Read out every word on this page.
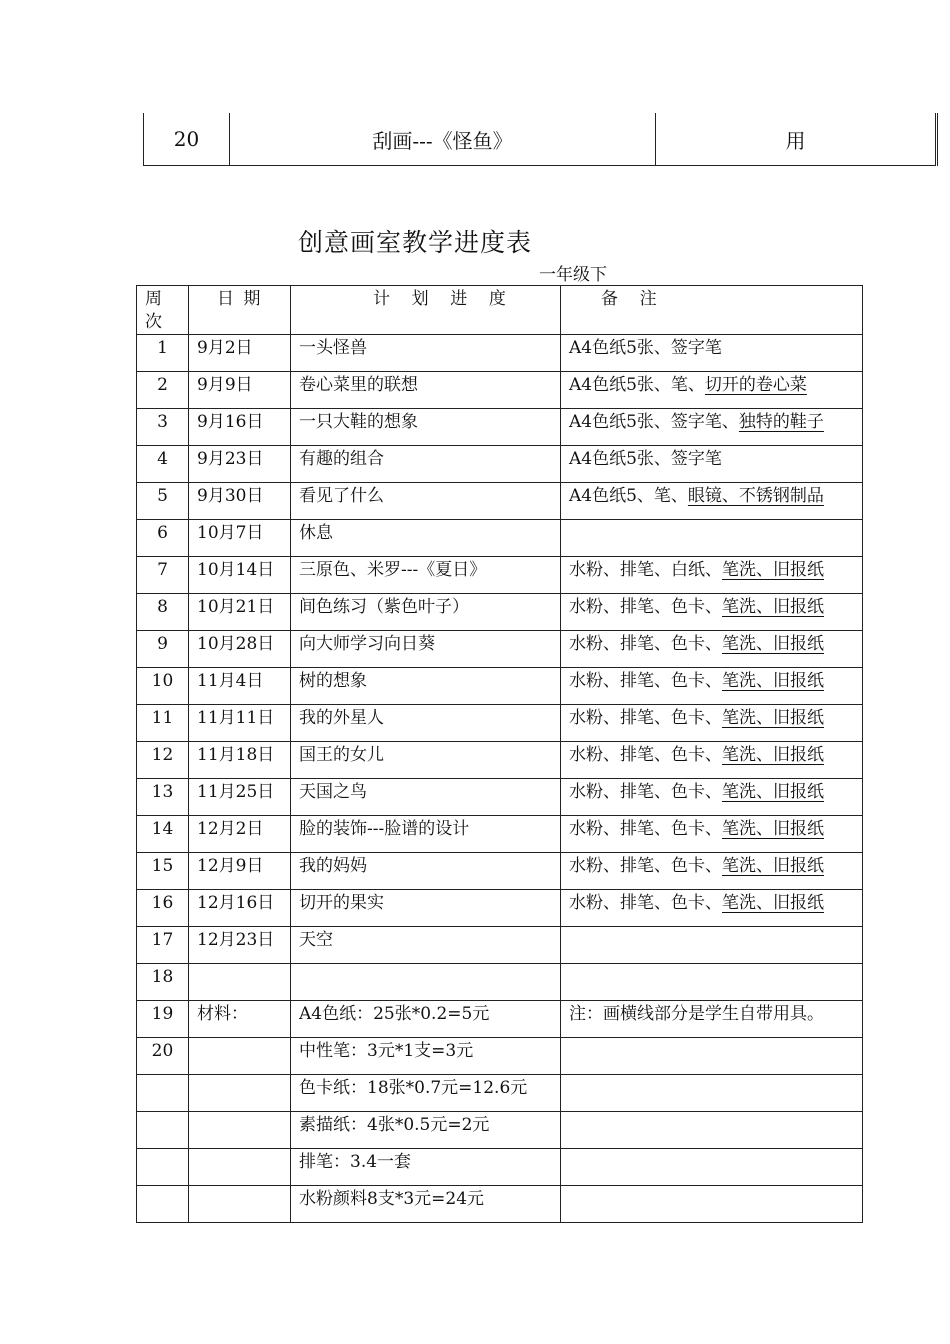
20	刮画---《怪鱼》	用
创意画室教学进度表
一年级下
周
次	日 期	计    划    进    度	备    注
1	9月2日	一头怪兽	A4色纸5张、签字笔
2	9月9日	卷心菜里的联想	A4色纸5张、笔、切开的卷心菜
3	9月16日	一只大鞋的想象	A4色纸5张、签字笔、独特的鞋子
4	9月23日	有趣的组合	A4色纸5张、签字笔
5	9月30日	看见了什么	A4色纸5、笔、眼镜、不锈钢制品
6	10月7日	休息	
7	10月14日	三原色、米罗---《夏日》	水粉、排笔、白纸、笔洗、旧报纸
8	10月21日	间色练习（紫色叶子）	水粉、排笔、色卡、笔洗、旧报纸
9	10月28日	向大师学习向日葵	水粉、排笔、色卡、笔洗、旧报纸
10	11月4日	树的想象	水粉、排笔、色卡、笔洗、旧报纸
11	11月11日	我的外星人	水粉、排笔、色卡、笔洗、旧报纸
12	11月18日	国王的女儿	水粉、排笔、色卡、笔洗、旧报纸
13	11月25日	天国之鸟	水粉、排笔、色卡、笔洗、旧报纸
14	12月2日	脸的装饰---脸谱的设计	水粉、排笔、色卡、笔洗、旧报纸
15	12月9日	我的妈妈	水粉、排笔、色卡、笔洗、旧报纸
16	12月16日	切开的果实	水粉、排笔、色卡、笔洗、旧报纸
17	12月23日	天空	
18			
19	材料：	A4色纸：25张*0.2=5元	注：画横线部分是学生自带用具。
20		中性笔：3元*1支=3元	
		色卡纸：18张*0.7元=12.6元	
		素描纸：4张*0.5元=2元	
		排笔：3.4一套	
		水粉颜料8支*3元=24元	
